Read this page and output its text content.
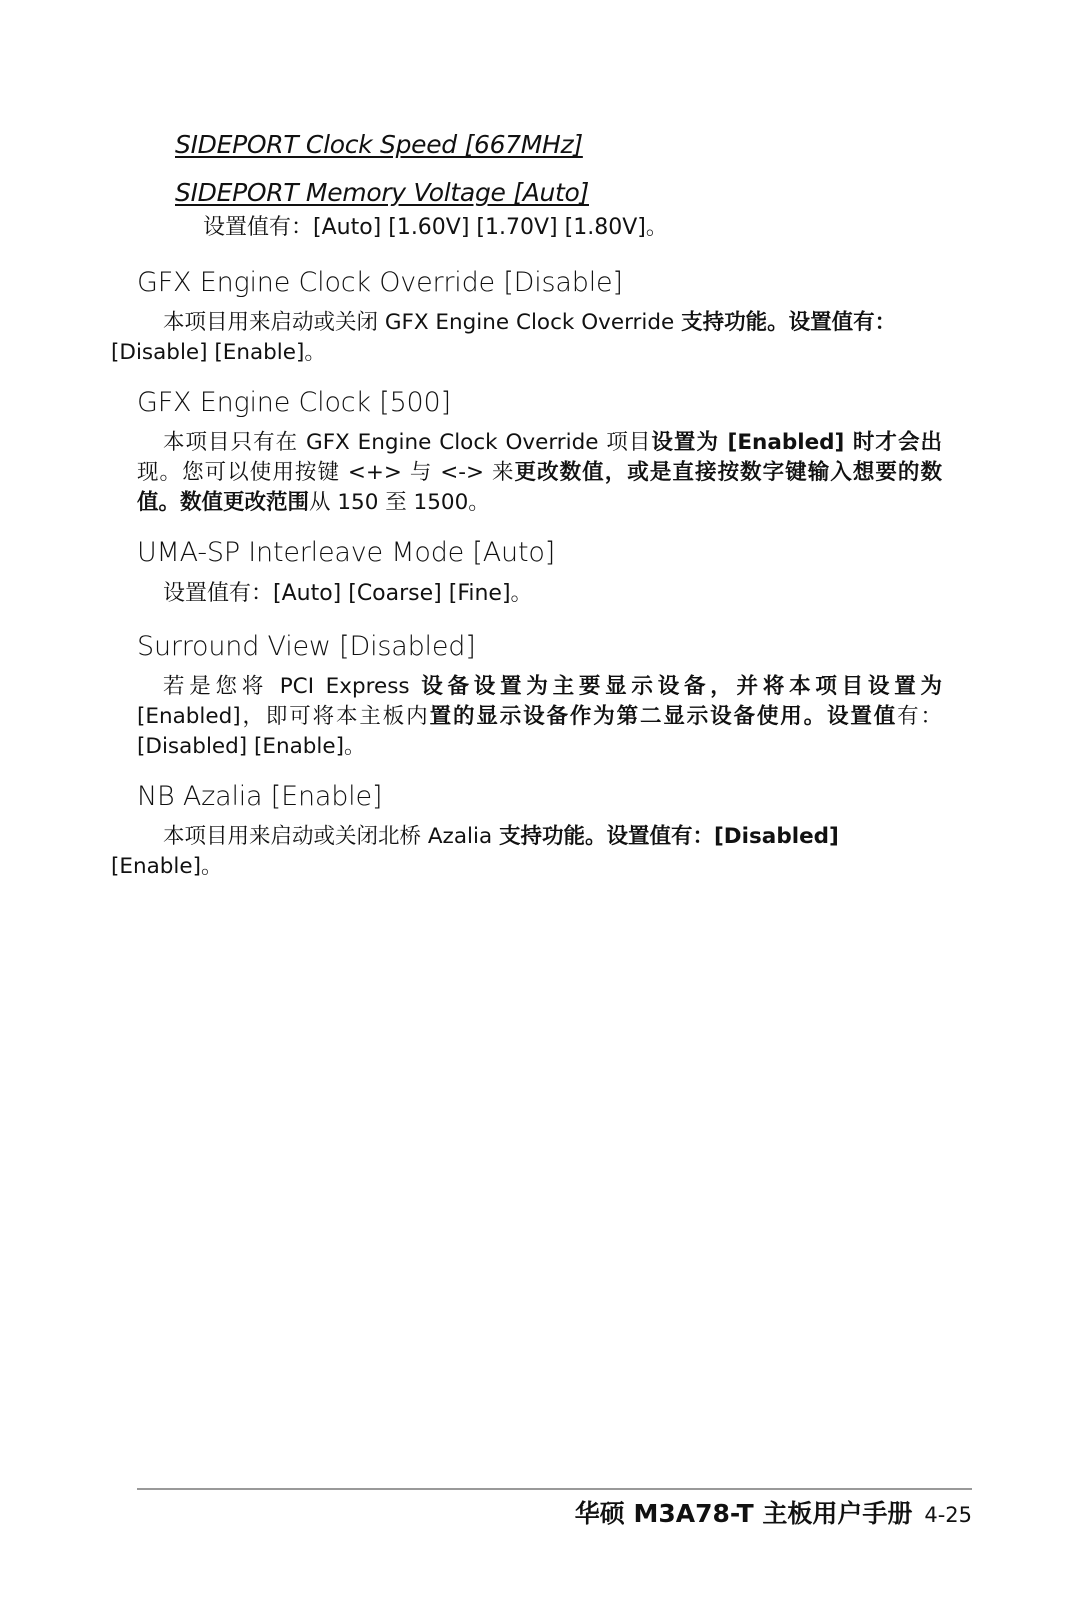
SIDEPORT Clock Speed [667MHz]
SIDEPORT Memory Voltage [Auto]
设置值有：[Auto] [1.60V] [1.70V] [1.80V]。
GFX Engine Clock Override [Disable]
本项目用来启动或关闭 GFX Engine Clock Override 支持功能。设置值有：
[Disable] [Enable]。
GFX Engine Clock [500]
本项目只有在 GFX Engine Clock Override 项目设置为 [Enabled] 时才会出现。您可以使用按键 <+> 与 <-> 来更改数值，或是直接按数字键输入想要的数值。数值更改范围从 150 至 1500。
UMA-SP Interleave Mode [Auto]
设置值有：[Auto] [Coarse] [Fine]。
Surround View [Disabled]
若是您将 PCI Express 设备设置为主要显示设备，并将本项目设置为[Enabled]，即可将本主板内置的显示设备作为第二显示设备使用。设置值有：[Disabled] [Enable]。
NB Azalia [Enable]
本项目用来启动或关闭北桥 Azalia 支持功能。设置值有：[Disabled]
[Enable]。
华硕 M3A78-T 主板用户手册 4-25
